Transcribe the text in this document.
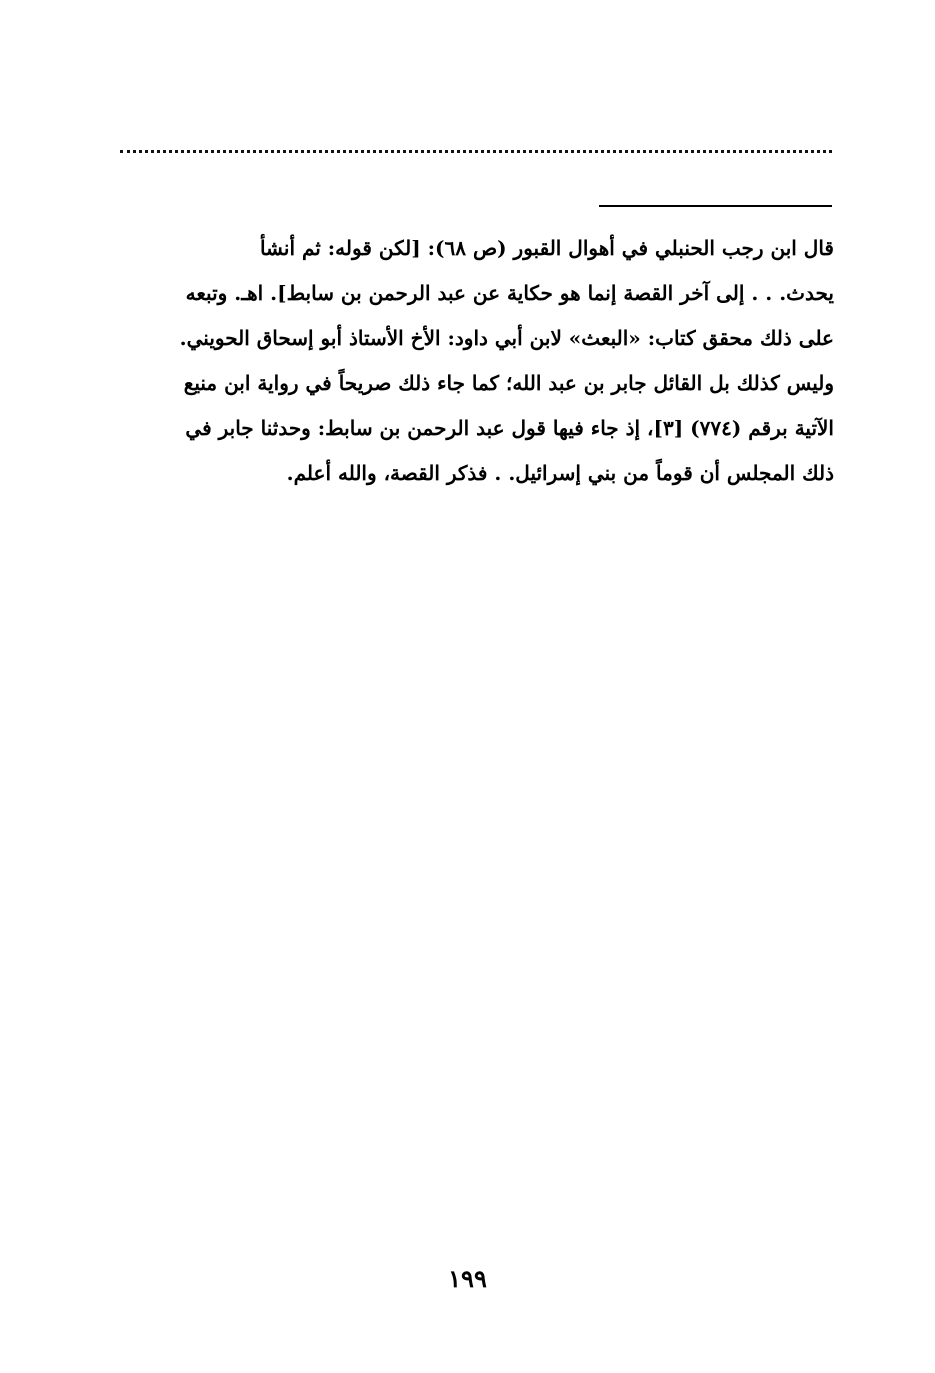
قال ابن رجب الحنبلي في أهوال القبور (ص ٦٨): [لكن قوله: ثم أنشأ
يحدث. . . إلى آخر القصة إنما هو حكاية عن عبد الرحمن بن سابط]. اهـ. وتبعه
على ذلك محقق كتاب: «البعث» لابن أبي داود: الأخ الأستاذ أبو إسحاق الحويني.
وليس كذلك بل القائل جابر بن عبد الله؛ كما جاء ذلك صريحاً في رواية ابن منيع
الآتية برقم (٧٧٤) [٣]، إذ جاء فيها قول عبد الرحمن بن سابط: وحدثنا جابر في
ذلك المجلس أن قوماً من بني إسرائيل. . فذكر القصة، والله أعلم.
١٩٩
